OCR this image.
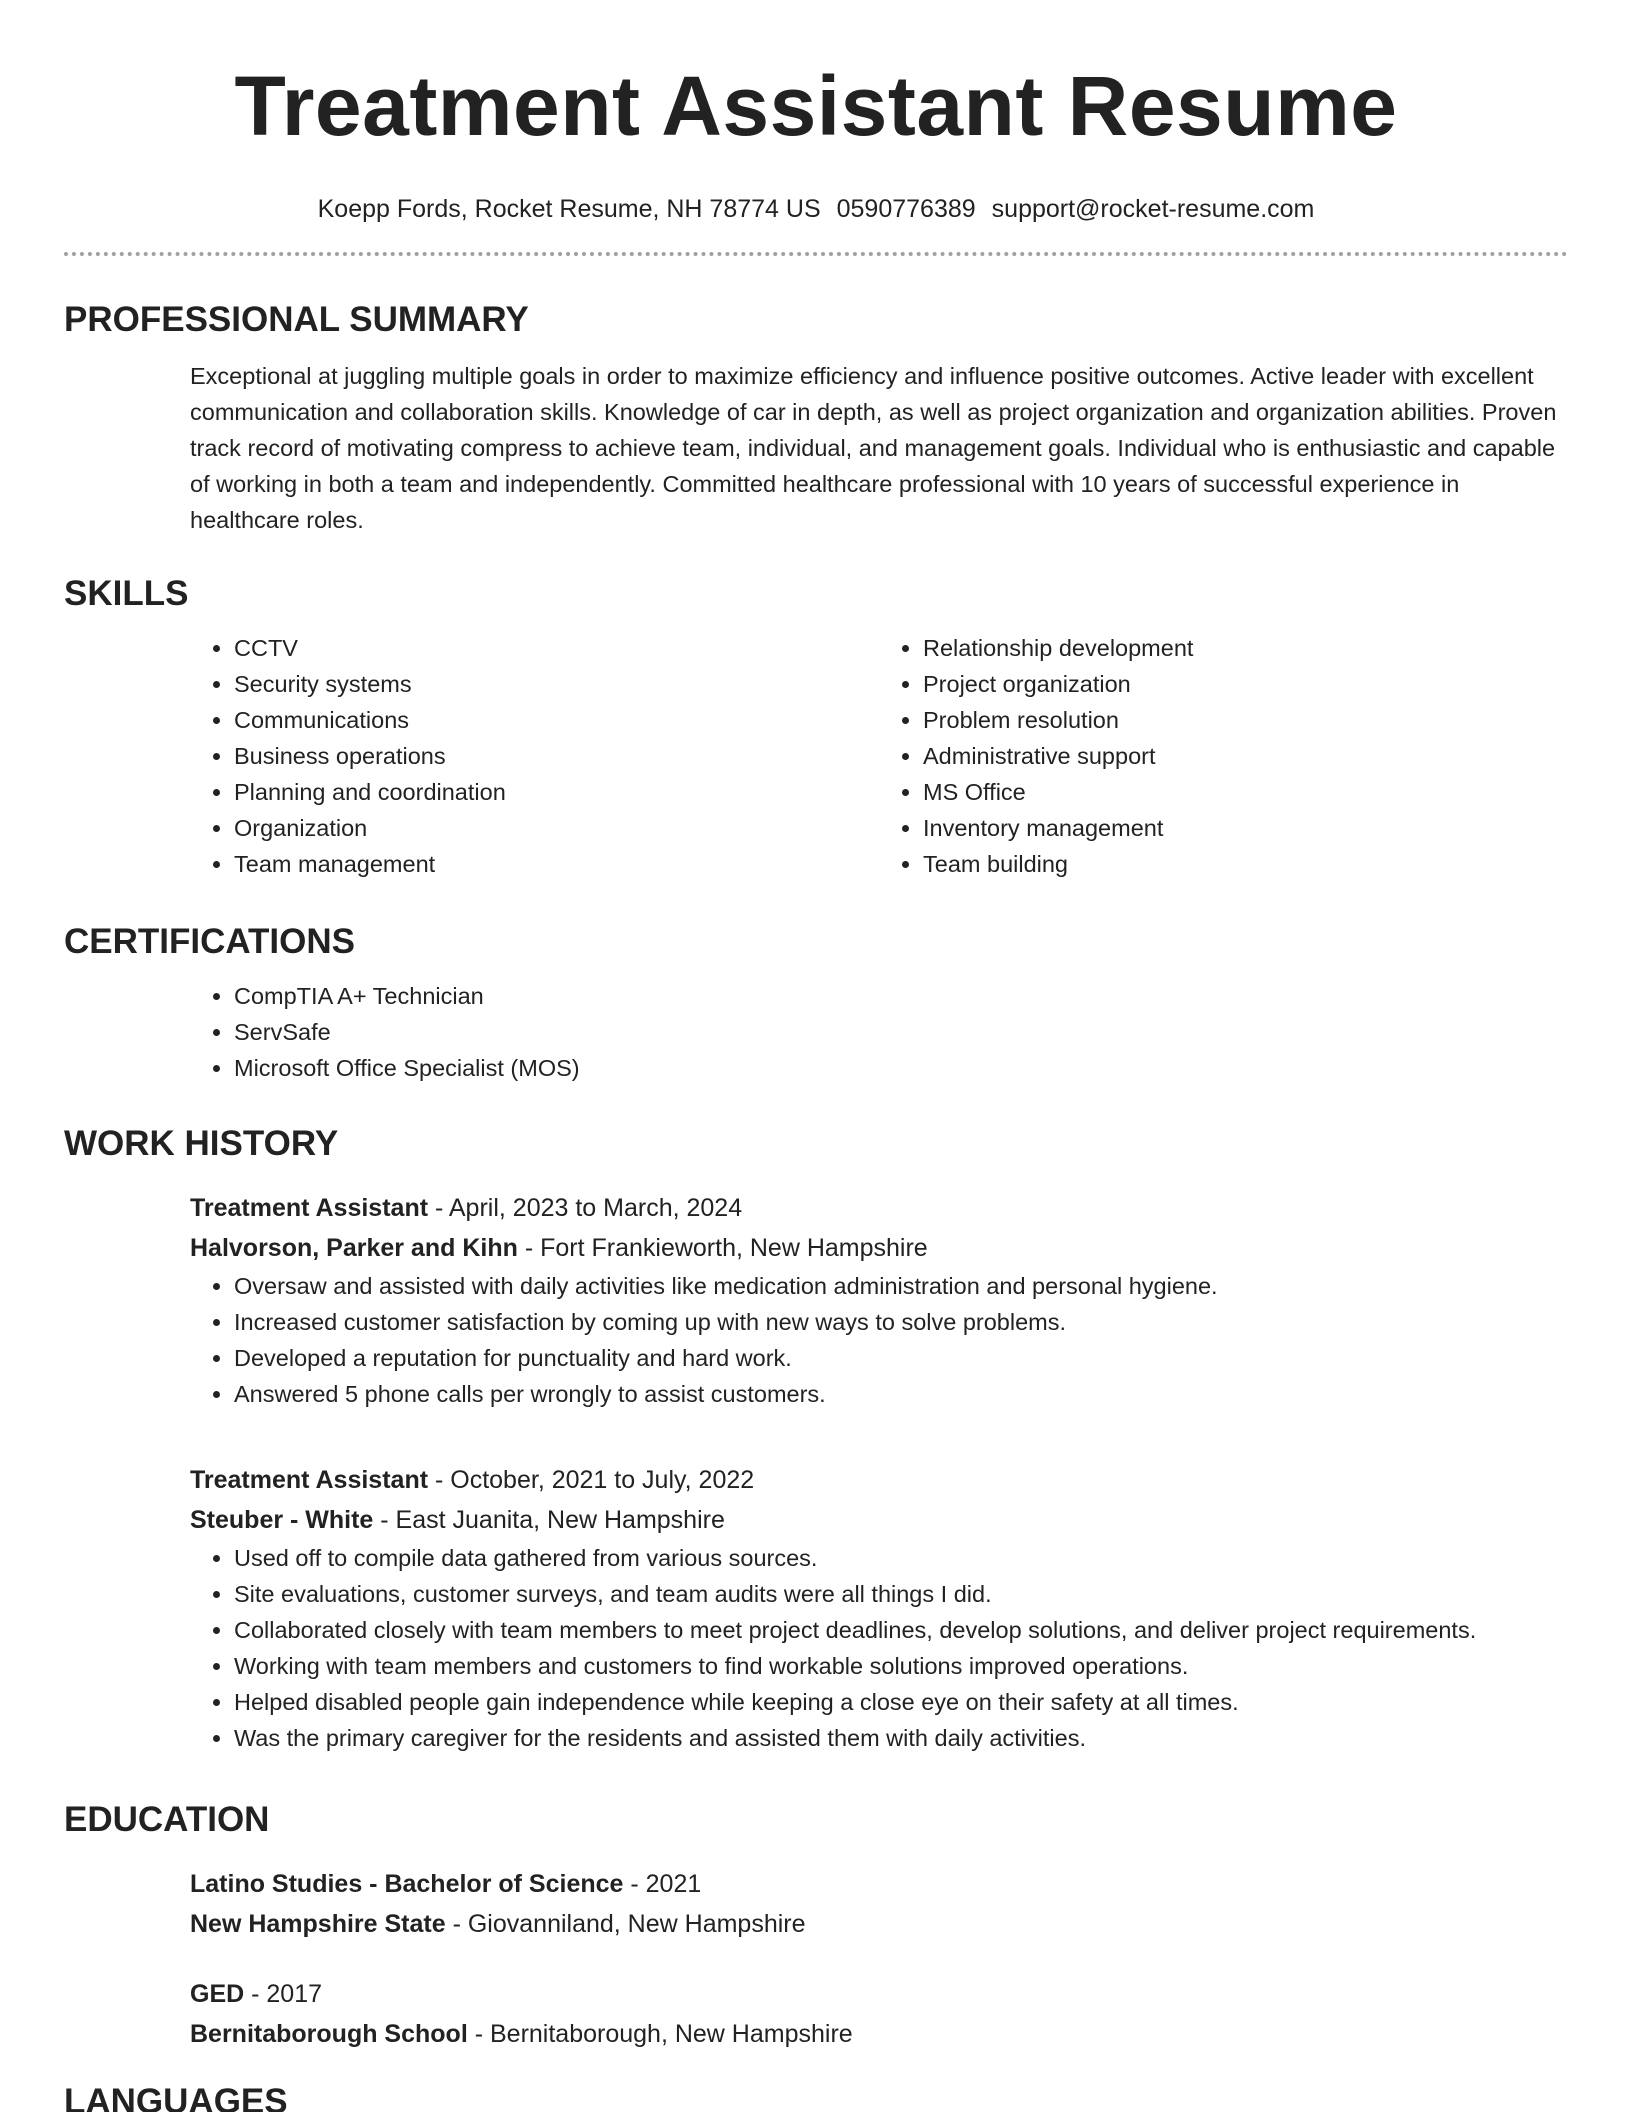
Treatment Assistant Resume
Koepp Fords, Rocket Resume, NH 78774 US 0590776389 support@rocket-resume.com
PROFESSIONAL SUMMARY
Exceptional at juggling multiple goals in order to maximize efficiency and influence positive outcomes. Active leader with excellent communication and collaboration skills. Knowledge of car in depth, as well as project organization and organization abilities. Proven track record of motivating compress to achieve team, individual, and management goals. Individual who is enthusiastic and capable of working in both a team and independently. Committed healthcare professional with 10 years of successful experience in healthcare roles.
SKILLS
• CCTV
• Security systems
• Communications
• Business operations
• Planning and coordination
• Organization
• Team management
• Relationship development
• Project organization
• Problem resolution
• Administrative support
• MS Office
• Inventory management
• Team building
CERTIFICATIONS
• CompTIA A+ Technician
• ServSafe
• Microsoft Office Specialist (MOS)
WORK HISTORY
Treatment Assistant - April, 2023 to March, 2024
Halvorson, Parker and Kihn - Fort Frankieworth, New Hampshire
• Oversaw and assisted with daily activities like medication administration and personal hygiene.
• Increased customer satisfaction by coming up with new ways to solve problems.
• Developed a reputation for punctuality and hard work.
• Answered 5 phone calls per wrongly to assist customers.
Treatment Assistant - October, 2021 to July, 2022
Steuber - White - East Juanita, New Hampshire
• Used off to compile data gathered from various sources.
• Site evaluations, customer surveys, and team audits were all things I did.
• Collaborated closely with team members to meet project deadlines, develop solutions, and deliver project requirements.
• Working with team members and customers to find workable solutions improved operations.
• Helped disabled people gain independence while keeping a close eye on their safety at all times.
• Was the primary caregiver for the residents and assisted them with daily activities.
EDUCATION
Latino Studies - Bachelor of Science - 2021
New Hampshire State - Giovanniland, New Hampshire
GED - 2017
Bernitaborough School - Bernitaborough, New Hampshire
LANGUAGES
